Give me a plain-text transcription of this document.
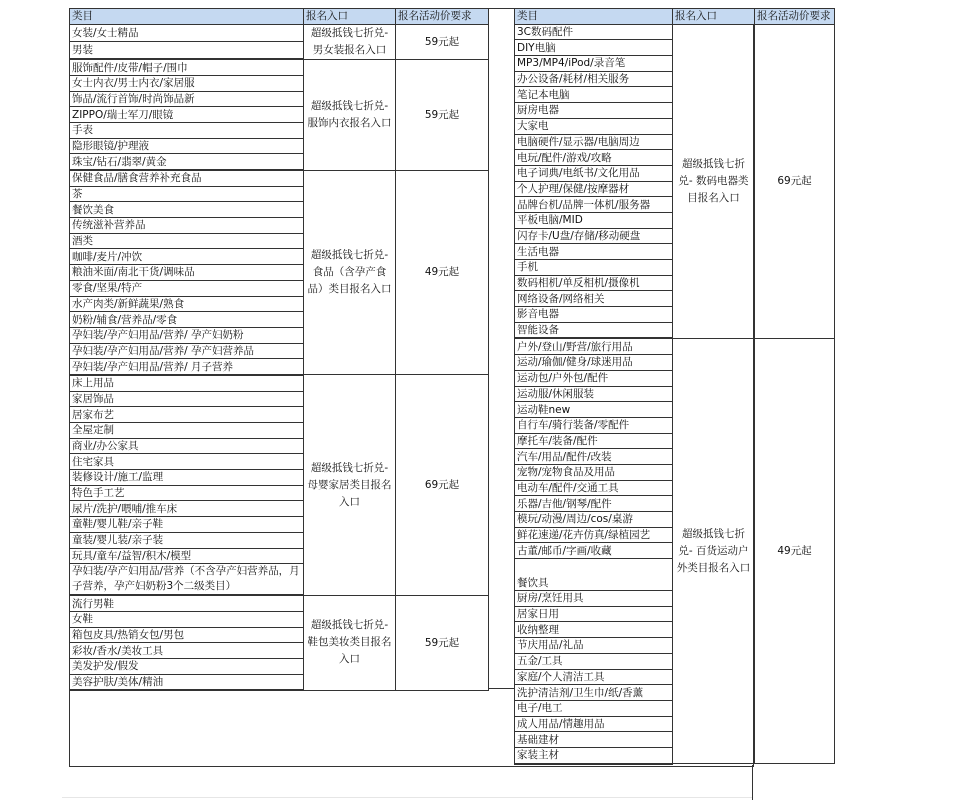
类目	报名入口	报名活动价要求
女装/女士精品	超级抵钱七折兑-男女装报名入口	59元起
男装		
服饰配件/皮带/帽子/围巾	超级抵钱七折兑-服饰内衣报名入口	59元起
女士内衣/男士内衣/家居服		
饰品/流行首饰/时尚饰品新		
ZIPPO/瑞士军刀/眼镜		
手表		
隐形眼镜/护理液		
珠宝/钻石/翡翠/黄金		
保健食品/膳食营养补充食品	超级抵钱七折兑-食品（含孕产食品）类目报名入口	49元起
茶		
餐饮美食		
传统滋补营养品		
酒类		
咖啡/麦片/冲饮		
粮油米面/南北干货/调味品		
零食/坚果/特产		
水产肉类/新鲜蔬果/熟食		
奶粉/辅食/营养品/零食		
孕妇装/孕产妇用品/营养/ 孕产妇奶粉		
孕妇装/孕产妇用品/营养/ 孕产妇营养品		
孕妇装/孕产妇用品/营养/ 月子营养		
床上用品	超级抵钱七折兑-母婴家居类目报名入口	69元起
家居饰品		
居家布艺		
全屋定制		
商业/办公家具		
住宅家具		
装修设计/施工/监理		
特色手工艺		
尿片/洗护/喂哺/推车床		
童鞋/婴儿鞋/亲子鞋		
童装/婴儿装/亲子装		
玩具/童车/益智/积木/模型		
孕妇装/孕产妇用品/营养（不含孕产妇营养品，月子营养，孕产妇奶粉3个二级类目）		
流行男鞋	超级抵钱七折兑-鞋包美妆类目报名入口	59元起
女鞋		
箱包皮具/热销女包/男包		
彩妆/香水/美妆工具		
美发护发/假发		
美容护肤/美体/精油		
类目	报名入口	报名活动价要求
3C数码配件	超级抵钱七折兑- 数码电器类目报名入口	69元起
DIY电脑		
MP3/MP4/iPod/录音笔		
办公设备/耗材/相关服务		
笔记本电脑		
厨房电器		
大家电		
电脑硬件/显示器/电脑周边		
电玩/配件/游戏/攻略		
电子词典/电纸书/文化用品		
个人护理/保健/按摩器材		
品牌台机/品牌一体机/服务器		
平板电脑/MID		
闪存卡/U盘/存储/移动硬盘		
生活电器		
手机		
数码相机/单反相机/摄像机		
网络设备/网络相关		
影音电器		
智能设备		
户外/登山/野营/旅行用品	超级抵钱七折兑- 百货运动户外类目报名入口	49元起
运动/瑜伽/健身/球迷用品		
运动包/户外包/配件		
运动服/休闲服装		
运动鞋new		
自行车/骑行装备/零配件		
摩托车/装备/配件		
汽车/用品/配件/改装		
宠物/宠物食品及用品		
电动车/配件/交通工具		
乐器/吉他/钢琴/配件		
模玩/动漫/周边/cos/桌游		
鲜花速递/花卉仿真/绿植园艺		
古董/邮币/字画/收藏		
餐饮具		
厨房/烹饪用具		
居家日用		
收纳整理		
节庆用品/礼品		
五金/工具		
家庭/个人清洁工具		
洗护清洁剂/卫生巾/纸/香薰		
电子/电工		
成人用品/情趣用品		
基础建材		
家装主材		
